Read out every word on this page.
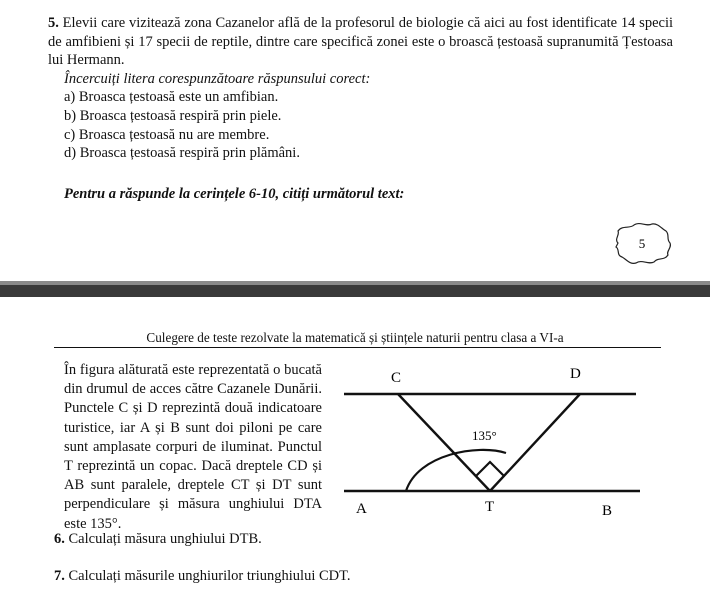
5. Elevii care vizitează zona Cazanelor află de la profesorul de biologie că aici au fost identificate 14 specii de amfibieni și 17 specii de reptile, dintre care specifică zonei este o broască țestoasă supranumită Țestoasa lui Hermann.

Încercuiți litera corespunzătoare răspunsului corect:

a) Broasca țestoasă este un amfibian.

b) Broasca țestoasă respiră prin piele.

c) Broasca țestoasă nu are membre.

d) Broasca țestoasă respiră prin plămâni.

Pentru a răspunde la cerințele 6-10, citiți următorul text:
5
Culegere de teste rezolvate la matematică și științele naturii pentru clasa a VI-a

În figura alăturată este reprezentată o bucată din drumul de acces către Cazanele Dunării. Punctele C și D reprezintă două indicatoare turistice, iar A și B sunt doi piloni pe care sunt amplasate corpuri de iluminat. Punctul T reprezintă un copac. Dacă dreptele CD și AB sunt paralele, dreptele CT și DT sunt perpendiculare și măsura unghiului DTA este 135°.

C	D
135°
A	T	B
6. Calculați măsura unghiului DTB.
7. Calculați măsurile unghiurilor triunghiului CDT.
